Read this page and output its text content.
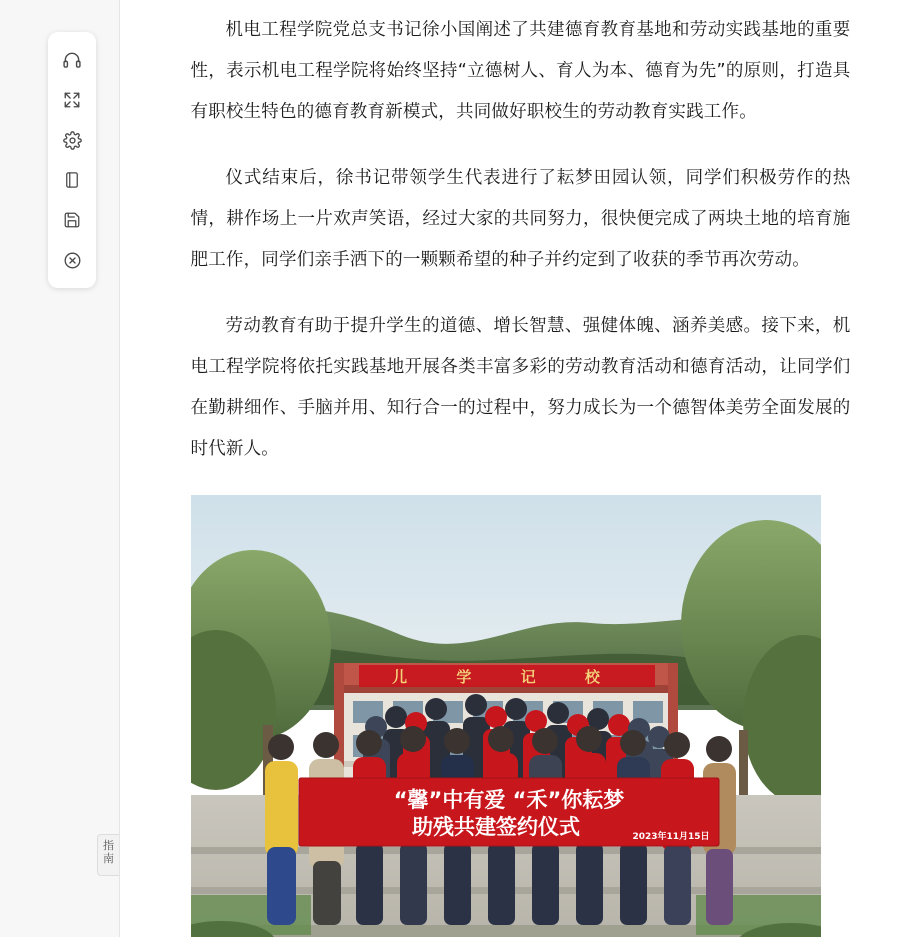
指
南

机电工程学院党总支书记徐小国阐述了共建德育教育基地和劳动实践基地的重要性，表示机电工程学院将始终坚持“立德树人、育人为本、德育为先”的原则，打造具有职校生特色的德育教育新模式，共同做好职校生的劳动教育实践工作。

仪式结束后，徐书记带领学生代表进行了耘梦田园认领，同学们积极劳作的热情，耕作场上一片欢声笑语，经过大家的共同努力，很快便完成了两块土地的培育施肥工作，同学们亲手洒下的一颗颗希望的种子并约定到了收获的季节再次劳动。

劳动教育有助于提升学生的道德、增长智慧、强健体魄、涵养美感。接下来，机电工程学院将依托实践基地开展各类丰富多彩的劳动教育活动和德育活动，让同学们在勤耕细作、手脑并用、知行合一的过程中，努力成长为一个德智体美劳全面发展的时代新人。

儿 学 记 校
“馨”中有爱 “禾”你耘梦
助残共建签约仪式	2023年11月15日
